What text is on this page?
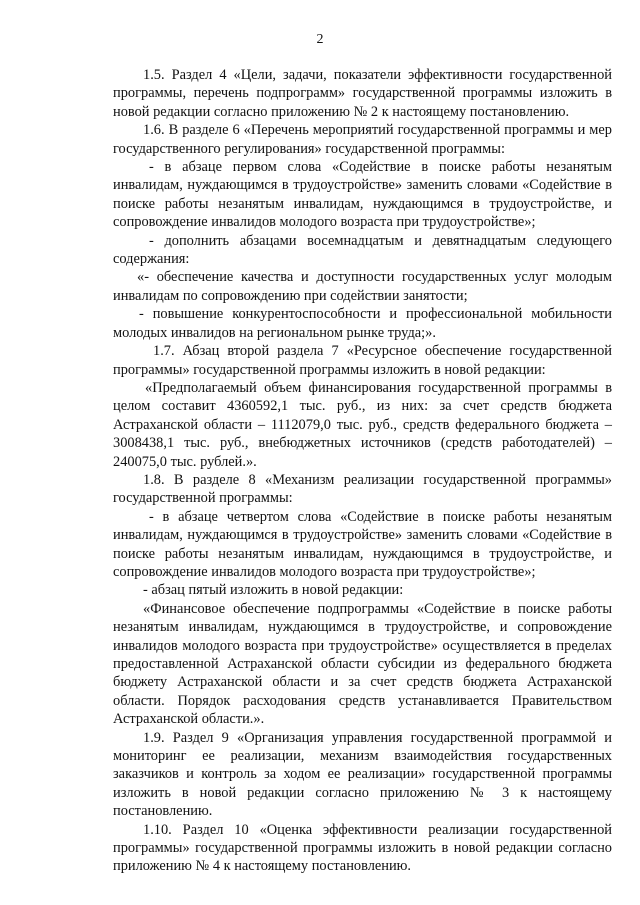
2

1.5. Раздел 4 «Цели, задачи, показатели эффективности государственной программы, перечень подпрограмм» государственной программы изложить в новой редакции согласно приложению № 2 к настоящему постановлению.

1.6. В разделе 6 «Перечень мероприятий государственной программы и мер государственного регулирования» государственной программы:

- в абзаце первом слова «Содействие в поиске работы незанятым инвалидам, нуждающимся в трудоустройстве» заменить словами «Содействие в поиске работы незанятым инвалидам, нуждающимся в трудоустройстве, и сопровождение инвалидов молодого возраста при трудоустройстве»;

- дополнить абзацами восемнадцатым и девятнадцатым следующего содержания:

«- обеспечение качества и доступности государственных услуг молодым инвалидам по сопровождению при содействии занятости;

- повышение конкурентоспособности и профессиональной мобильности молодых инвалидов на региональном рынке труда;».

1.7. Абзац второй раздела 7 «Ресурсное обеспечение государственной программы» государственной программы изложить в новой редакции:

«Предполагаемый объем финансирования государственной программы в целом составит 4360592,1 тыс. руб., из них: за счет средств бюджета Астраханской области – 1112079,0 тыс. руб., средств федерального бюджета – 3008438,1 тыс. руб., внебюджетных источников (средств работодателей) – 240075,0 тыс. рублей.».

1.8. В разделе 8 «Механизм реализации государственной программы» государственной программы:

- в абзаце четвертом слова «Содействие в поиске работы незанятым инвалидам, нуждающимся в трудоустройстве» заменить словами «Содействие в поиске работы незанятым инвалидам, нуждающимся в трудоустройстве, и сопровождение инвалидов молодого возраста при трудоустройстве»;

- абзац пятый изложить в новой редакции:

«Финансовое обеспечение подпрограммы «Содействие в поиске работы незанятым инвалидам, нуждающимся в трудоустройстве, и сопровождение инвалидов молодого возраста при трудоустройстве» осуществляется в пределах предоставленной Астраханской области субсидии из федерального бюджета бюджету Астраханской области и за счет средств бюджета Астраханской области. Порядок расходования средств устанавливается Правительством Астраханской области.».

1.9. Раздел 9 «Организация управления государственной программой и мониторинг ее реализации, механизм взаимодействия государственных заказчиков и контроль за ходом ее реализации» государственной программы изложить в новой редакции согласно приложению № 3 к настоящему постановлению.

1.10. Раздел 10 «Оценка эффективности реализации государственной программы» государственной программы изложить в новой редакции согласно приложению № 4 к настоящему постановлению.
